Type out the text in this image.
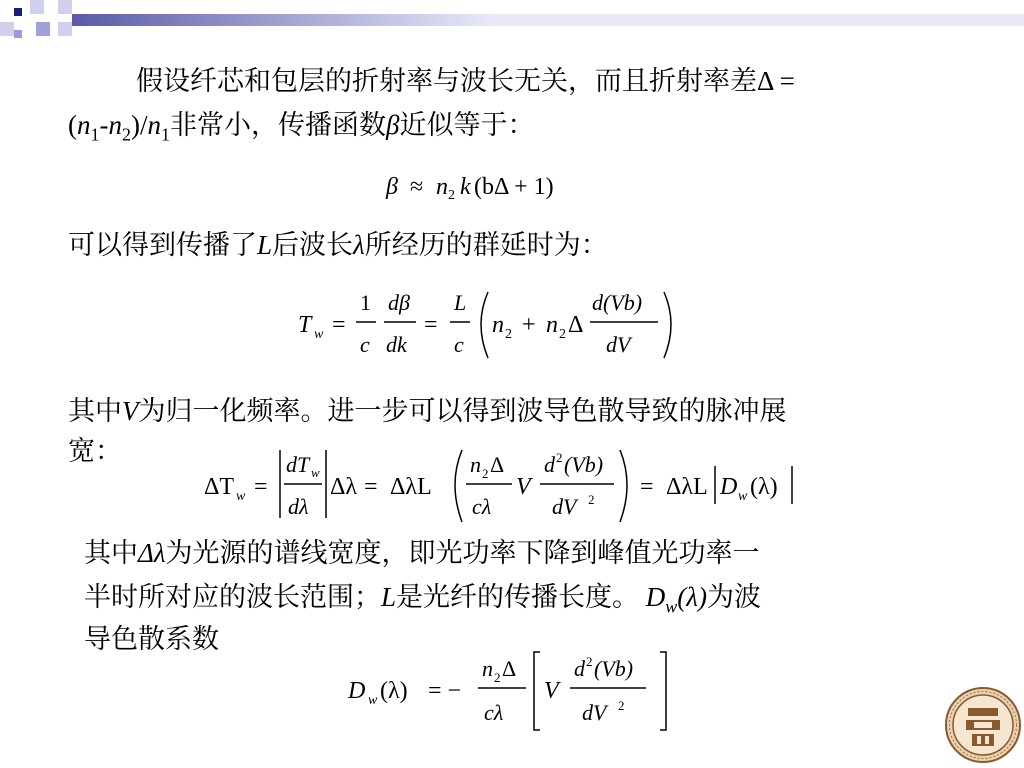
假设纤芯和包层的折射率与波长无关，而且折射率差Δ =
$(n_1-n_2)/n_1$非常小，传播函数β近似等于：
β ≈ n 2 k (bΔ + 1)
可以得到传播了L后波长λ所经历的群延时为：
T w =
1
c
dβ
dk
=
L
c
n 2 + n 2 Δ
d(Vb)
dV
其中V为归一化频率。进一步可以得到波导色散导致的脉冲展
宽：
ΔT w =
dT w
dλ
Δλ = ΔλL
n 2 Δ
cλ
V
d 2 (Vb)
dV 2 = ΔλL D w (λ)
其中Δλ为光源的谱线宽度，即光功率下降到峰值光功率一
半时所对应的波长范围；L是光纤的传播长度。 $D_w(\lambda)$为波
导色散系数
D w (λ) = −
n 2 Δ
cλ
V
d 2 (Vb)
dV 2
